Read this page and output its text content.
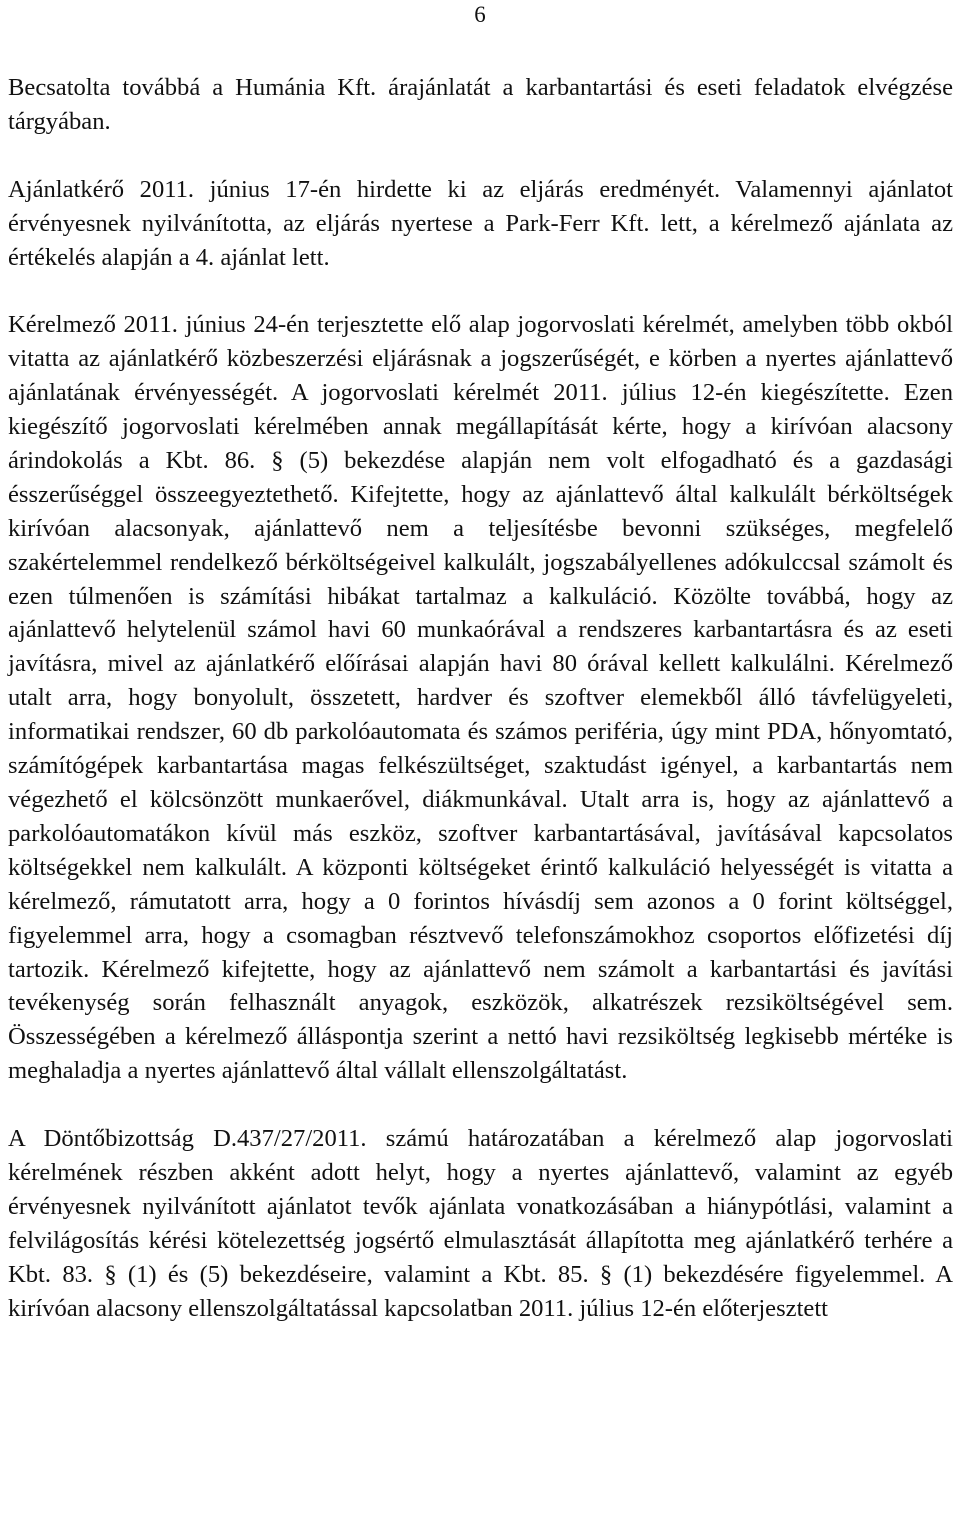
6

Becsatolta továbbá a Humánia Kft. árajánlatát a karbantartási és eseti feladatok elvégzése tárgyában.

Ajánlatkérő 2011. június 17-én hirdette ki az eljárás eredményét. Valamennyi ajánlatot érvényesnek nyilvánította, az eljárás nyertese a Park-Ferr Kft. lett, a kérelmező ajánlata az értékelés alapján a 4. ajánlat lett.

Kérelmező 2011. június 24-én terjesztette elő alap jogorvoslati kérelmét, amelyben több okból vitatta az ajánlatkérő közbeszerzési eljárásnak a jogszerűségét, e körben a nyertes ajánlattevő ajánlatának érvényességét. A jogorvoslati kérelmét 2011. július 12-én kiegészítette. Ezen kiegészítő jogorvoslati kérelmében annak megállapítását kérte, hogy a kirívóan alacsony árindokolás a Kbt. 86. § (5) bekezdése alapján nem volt elfogadható és a gazdasági ésszerűséggel összeegyeztethető. Kifejtette, hogy az ajánlattevő által kalkulált bérköltségek kirívóan alacsonyak, ajánlattevő nem a teljesítésbe bevonni szükséges, megfelelő szakértelemmel rendelkező bérköltségeivel kalkulált, jogszabályellenes adókulccsal számolt és ezen túlmenően is számítási hibákat tartalmaz a kalkuláció. Közölte továbbá, hogy az ajánlattevő helytelenül számol havi 60 munkaórával a rendszeres karbantartásra és az eseti javításra, mivel az ajánlatkérő előírásai alapján havi 80 órával kellett kalkulálni. Kérelmező utalt arra, hogy bonyolult, összetett, hardver és szoftver elemekből álló távfelügyeleti, informatikai rendszer, 60 db parkolóautomata és számos periféria, úgy mint PDA, hőnyomtató, számítógépek karbantartása magas felkészültséget, szaktudást igényel, a karbantartás nem végezhető el kölcsönzött munkaerővel, diákmunkával. Utalt arra is, hogy az ajánlattevő a parkolóautomatákon kívül más eszköz, szoftver karbantartásával, javításával kapcsolatos költségekkel nem kalkulált. A központi költségeket érintő kalkuláció helyességét is vitatta a kérelmező, rámutatott arra, hogy a 0 forintos hívásdíj sem azonos a 0 forint költséggel, figyelemmel arra, hogy a csomagban résztvevő telefonszámokhoz csoportos előfizetési díj tartozik. Kérelmező kifejtette, hogy az ajánlattevő nem számolt a karbantartási és javítási tevékenység során felhasznált anyagok, eszközök, alkatrészek rezsiköltségével sem. Összességében a kérelmező álláspontja szerint a nettó havi rezsiköltség legkisebb mértéke is meghaladja a nyertes ajánlattevő által vállalt ellenszolgáltatást.

A Döntőbizottság D.437/27/2011. számú határozatában a kérelmező alap jogorvoslati kérelmének részben akként adott helyt, hogy a nyertes ajánlattevő, valamint az egyéb érvényesnek nyilvánított ajánlatot tevők ajánlata vonatkozásában a hiánypótlási, valamint a felvilágosítás kérési kötelezettség jogsértő elmulasztását állapította meg ajánlatkérő terhére a Kbt. 83. § (1) és (5) bekezdéseire, valamint a Kbt. 85. § (1) bekezdésére figyelemmel. A kirívóan alacsony ellenszolgáltatással kapcsolatban 2011. július 12-én előterjesztett
